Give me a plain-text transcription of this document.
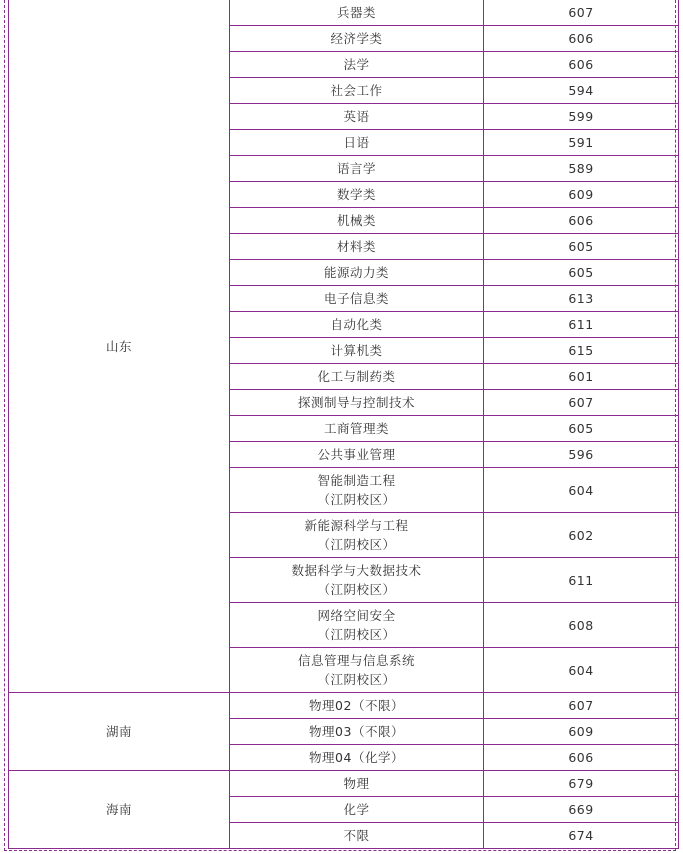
山东	兵器类	607

	经济学类	606

	法学	606

	社会工作	594

	英语	599

	日语	591

	语言学	589

	数学类	609

	机械类	606

	材料类	605

	能源动力类	605

	电子信息类	613

	自动化类	611

	计算机类	615

	化工与制药类	601

	探测制导与控制技术	607

	工商管理类	605

	公共事业管理	596

	智能制造工程
（江阴校区）	604

	新能源科学与工程
（江阴校区）	602

	数据科学与大数据技术
（江阴校区）	611

	网络空间安全
（江阴校区）	608

	信息管理与信息系统
（江阴校区）	604
湖南	物理02（不限）	607

	物理03（不限）	609

	物理04（化学）	606
海南	物理	679

	化学	669

	不限	674
